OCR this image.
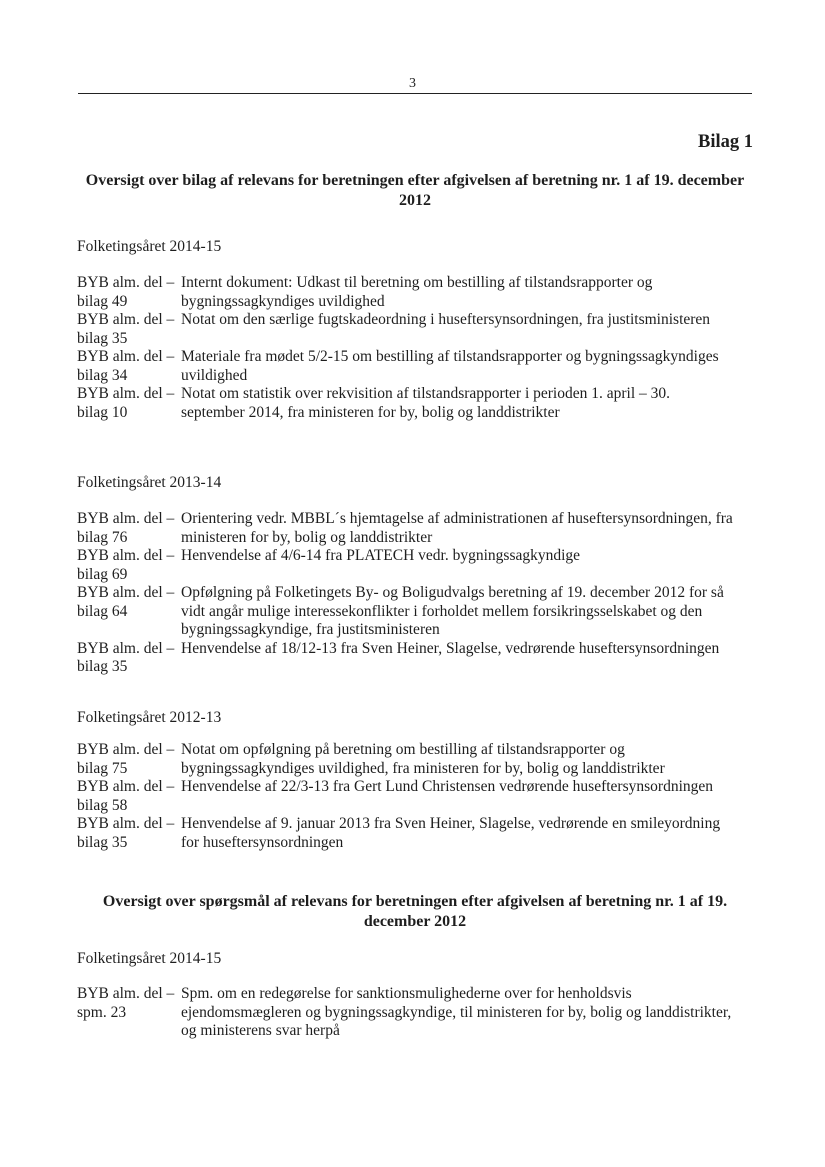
3
Bilag 1
Oversigt over bilag af relevans for beretningen efter afgivelsen af beretning nr. 1 af 19. december 2012
Folketingsåret 2014-15
BYB alm. del –
bilag 49
Internt dokument: Udkast til beretning om bestilling af tilstandsrapporter og bygningssagkyndiges uvildighed
BYB alm. del –
bilag 35
Notat om den særlige fugtskadeordning i huseftersynsordningen, fra justitsministeren
BYB alm. del –
bilag 34
Materiale fra mødet 5/2-15 om bestilling af tilstandsrapporter og bygningssagkyndiges uvildighed
BYB alm. del –
bilag 10
Notat om statistik over rekvisition af tilstandsrapporter i perioden 1. april – 30. september 2014, fra ministeren for by, bolig og landdistrikter
Folketingsåret 2013-14
BYB alm. del –
bilag 76
Orientering vedr. MBBL´s hjemtagelse af administrationen af huseftersynsordningen, fra ministeren for by, bolig og landdistrikter
BYB alm. del –
bilag 69
Henvendelse af 4/6-14 fra PLATECH vedr. bygningssagkyndige
BYB alm. del –
bilag 64
Opfølgning på Folketingets By- og Boligudvalgs beretning af 19. december 2012 for så vidt angår mulige interessekonflikter i forholdet mellem forsikringsselskabet og den bygningssagkyndige, fra justitsministeren
BYB alm. del –
bilag 35
Henvendelse af 18/12-13 fra Sven Heiner, Slagelse, vedrørende huseftersynsordningen
Folketingsåret 2012-13
BYB alm. del –
bilag 75
Notat om opfølgning på beretning om bestilling af tilstandsrapporter og bygningssagkyndiges uvildighed, fra ministeren for by, bolig og landdistrikter
BYB alm. del –
bilag 58
Henvendelse af 22/3-13 fra Gert Lund Christensen vedrørende huseftersynsordningen
BYB alm. del –
bilag 35
Henvendelse af 9. januar 2013 fra Sven Heiner, Slagelse, vedrørende en smileyordning for huseftersynsordningen
Oversigt over spørgsmål af relevans for beretningen efter afgivelsen af beretning nr. 1 af 19. december 2012
Folketingsåret 2014-15
BYB alm. del –
spm. 23
Spm. om en redegørelse for sanktionsmulighederne over for henholdsvis ejendomsmægleren og bygningssagkyndige, til ministeren for by, bolig og landdistrikter, og ministerens svar herpå
